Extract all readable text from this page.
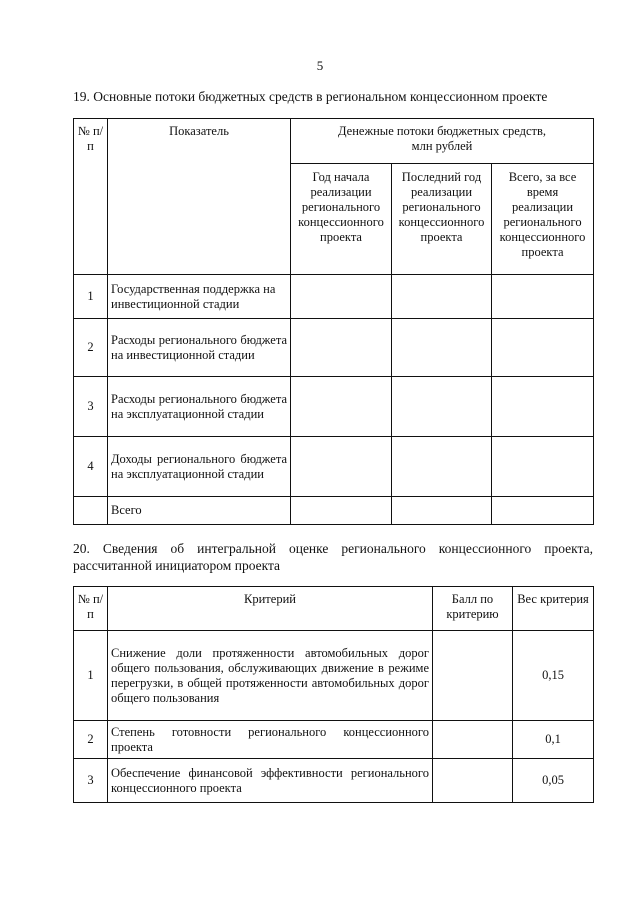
5
19. Основные потоки бюджетных средств в региональном концессионном проекте
№ п/п	Показатель	Денежные потоки бюджетных средств, млн рублей		
		Год начала реализации регионального концессионного проекта	Последний год реализации регионального концессионного проекта	Всего, за все время реализации регионального концессионного проекта
1	Государственная поддержка на инвестиционной стадии			
2	Расходы регионального бюджета на инвестиционной стадии			
3	Расходы регионального бюджета на эксплуатационной стадии			
4	Доходы регионального бюджета на эксплуатационной стадии			
	Всего			
20. Сведения об интегральной оценке регионального концессионного проекта, рассчитанной инициатором проекта
№ п/п	Критерий	Балл по критерию	Вес критерия
1	Снижение доли протяженности автомобильных дорог общего пользования, обслуживающих движение в режиме перегрузки, в общей протяженности автомобильных дорог общего пользования		0,15
2	Степень готовности регионального концессионного проекта		0,1
3	Обеспечение финансовой эффективности регионального концессионного проекта		0,05
